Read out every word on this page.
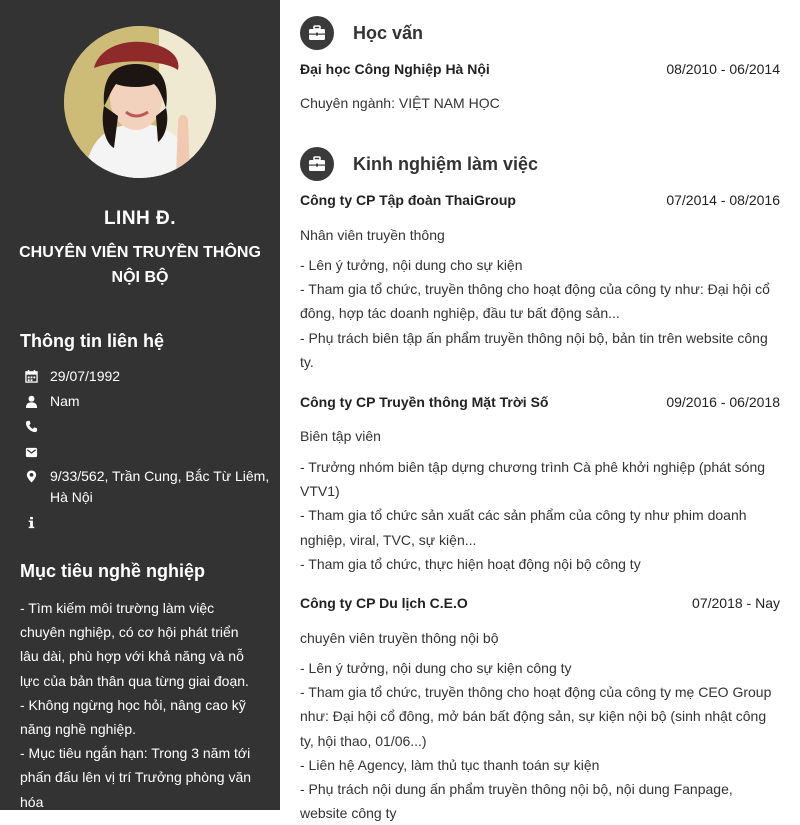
LINH Đ.
CHUYÊN VIÊN TRUYỀN THÔNG NỘI BỘ
Thông tin liên hệ
29/07/1992
Nam
9/33/562, Trần Cung, Bắc Từ Liêm, Hà Nội
Mục tiêu nghề nghiệp
- Tìm kiếm môi trường làm việc chuyên nghiệp, có cơ hội phát triển lâu dài, phù hợp với khả năng và nỗ lực của bản thân qua từng giai đoạn.
- Không ngừng học hỏi, nâng cao kỹ năng nghề nghiệp.
- Mục tiêu ngắn hạn: Trong 3 năm tới phấn đấu lên vị trí Trưởng phòng văn hóa
Học vấn
Đại học Công Nghiệp Hà Nội	08/2010 - 06/2014
Chuyên ngành: VIỆT NAM HỌC
Kinh nghiệm làm việc
Công ty CP Tập đoàn ThaiGroup	07/2014 - 08/2016
Nhân viên truyền thông
- Lên ý tưởng, nội dung cho sự kiện
- Tham gia tổ chức, truyền thông cho hoạt động của công ty như: Đại hội cổ đông, hợp tác doanh nghiệp, đầu tư bất động sản...
- Phụ trách biên tập ấn phẩm truyền thông nội bộ, bản tin trên website công ty.
Công ty CP Truyền thông Mặt Trời Số	09/2016 - 06/2018
Biên tập viên
- Trưởng nhóm biên tập dựng chương trình Cà phê khởi nghiệp (phát sóng VTV1)
- Tham gia tổ chức sản xuất các sản phẩm của công ty như phim doanh nghiệp, viral, TVC, sự kiện...
- Tham gia tổ chức, thực hiện hoạt động nội bộ công ty
Công ty CP Du lịch C.E.O	07/2018 - Nay
chuyên viên truyền thông nội bộ
- Lên ý tưởng, nội dung cho sự kiện công ty
- Tham gia tổ chức, truyền thông cho hoạt động của công ty mẹ CEO Group như: Đại hội cổ đông, mở bán bất động sản, sự kiện nội bộ (sinh nhật công ty, hội thao, 01/06...)
- Liên hệ Agency, làm thủ tục thanh toán sự kiện
- Phụ trách nội dung ấn phẩm truyền thông nội bộ, nội dung Fanpage, website công ty
